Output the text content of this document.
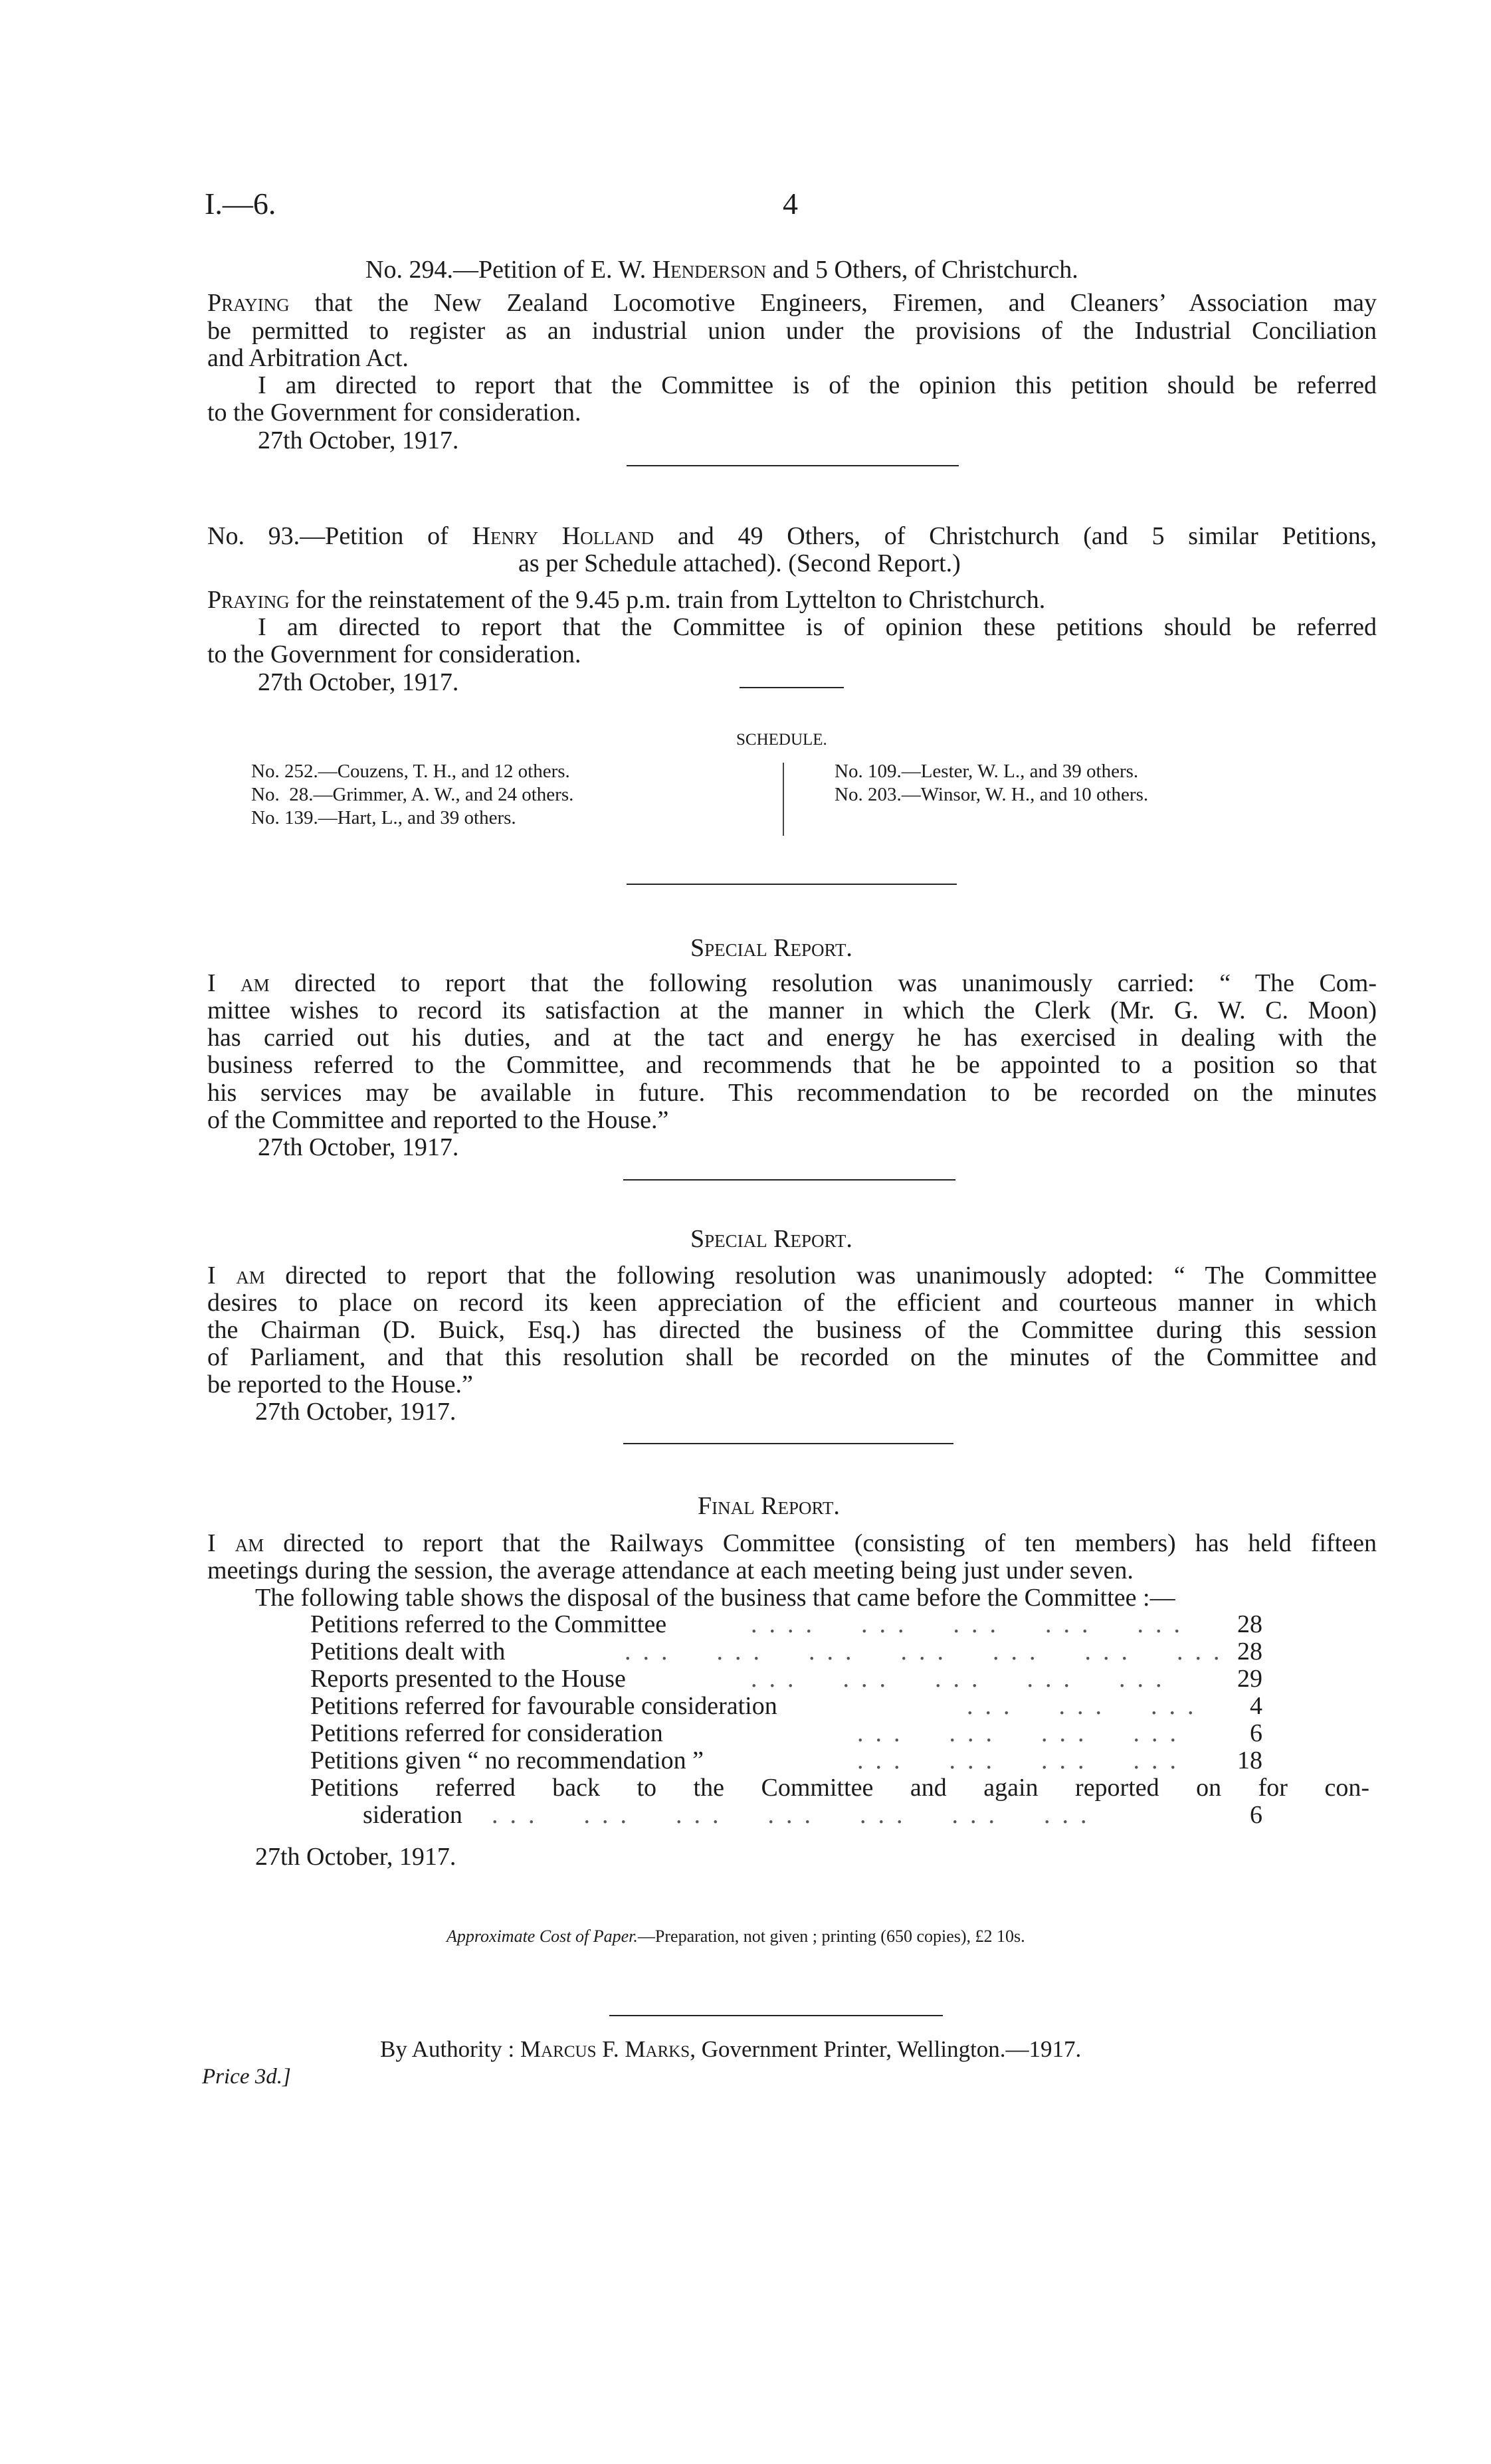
I.—6.	4
No. 294.—Petition of E. W. Henderson and 5 Others, of Christchurch.
Praying that the New Zealand Locomotive Engineers, Firemen, and Cleaners’ Association may
be permitted to register as an industrial union under the provisions of the Industrial Conciliation
and Arbitration Act.
I am directed to report that the Committee is of the opinion this petition should be referred
to the Government for consideration.
27th October, 1917.
No. 93.—Petition of Henry Holland and 49 Others, of Christchurch (and 5 similar Petitions,
as per Schedule attached). (Second Report.)
Praying for the reinstatement of the 9.45 p.m. train from Lyttelton to Christchurch.
I am directed to report that the Committee is of opinion these petitions should be referred
to the Government for consideration.
27th October, 1917.
SCHEDULE.
No. 252.—Couzens, T. H., and 12 others.
No.  28.—Grimmer, A. W., and 24 others.
No. 139.—Hart, L., and 39 others.
No. 109.—Lester, W. L., and 39 others.
No. 203.—Winsor, W. H., and 10 others.
Special Report.
I am directed to report that the following resolution was unanimously carried: “ The Com-
mittee wishes to record its satisfaction at the manner in which the Clerk (Mr. G. W. C. Moon)
has carried out his duties, and at the tact and energy he has exercised in dealing with the
business referred to the Committee, and recommends that he be appointed to a position so that
his services may be available in future. This recommendation to be recorded on the minutes
of the Committee and reported to the House.”
27th October, 1917.
Special Report.
I am directed to report that the following resolution was unanimously adopted: “ The Committee
desires to place on record its keen appreciation of the efficient and courteous manner in which
the Chairman (D. Buick, Esq.) has directed the business of the Committee during this session
of Parliament, and that this resolution shall be recorded on the minutes of the Committee and
be reported to the House.”
27th October, 1917.
Final Report.
I am directed to report that the Railways Committee (consisting of ten members) has held fifteen
meetings during the session, the average attendance at each meeting being just under seven.
The following table shows the disposal of the business that came before the Committee :—
Petitions referred to the Committee	.... ... ... ... ...	28
Petitions dealt with	... ... ... ... ... ... ... 28
Reports presented to the House	... ... ... ... ...	29
Petitions referred for favourable consideration	... ... ...	4
Petitions referred for consideration	... ... ... ...	6
Petitions given “ no recommendation ”	... ... ... ...	18
Petitions referred back to the Committee and again reported on for con-
sideration ... ... ... ... ... ... ...	6
27th October, 1917.
Approximate Cost of Paper.—Preparation, not given ; printing (650 copies), £2 10s.
By Authority : Marcus F. Marks, Government Printer, Wellington.—1917.
Price 3d.]
